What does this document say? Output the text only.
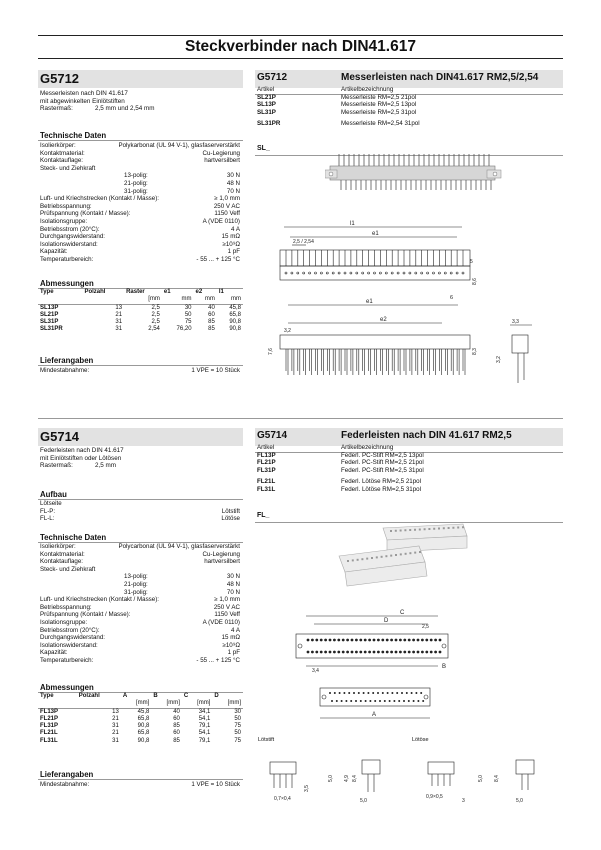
Steckverbinder nach DIN41.617
G5712
Messerleisten nach DIN 41.617
mit abgewinkelten Einlötstiften
Rastermaß:	2,5 mm und 2,54 mm
Technische Daten
Isolierkörper:	Polykarbonat (UL 94 V-1), glasfaserverstärkt
Kontaktmaterial:	Cu-Legierung
Kontaktauflage:	hartversilbert
Steck- und Ziehkraft
13-polig:	30 N
21-polig:	48 N
31-polig:	70 N
Luft- und Kriechstrecken (Kontakt / Masse):	≥ 1,0 mm
Betriebsspannung:	250 V AC
Prüfspannung (Kontakt / Masse):	1150 Veff
Isolationsgruppe:	A (VDE 0110)
Betriebsstrom (20°C):	4 A
Durchgangswiderstand:	15 mΩ
Isolationswiderstand:	≥10⁹Ω
Kapazität:	1 pF
Temperaturbereich:	- 55 ... + 125 °C
Abmessungen
Type	Polzahl	Raster	e1	e2	l1
		[mm	mm	mm	mm
SL13P	13	2,5	30	40	45,8
SL21P	21	2,5	50	60	65,8
SL31P	31	2,5	75	85	90,8
SL31PR	31	2,54	76,20	85	90,8
Lieferangaben
Mindestabnahme:	1 VPE = 10 Stück
G5712	Messerleisten nach DIN41.617 RM2,5/2,54
Artikel	Artikelbezeichnung
SL21P	Messerleiste RM=2,5 21pol
SL13P	Messerleiste RM=2,5 13pol
SL31P	Messerleiste RM=2,5 31pol
SL31PR	Messerleiste RM=2,54 31pol
SL_
l1
e1
2,5 / 2,54
5
6
8,6
e1
e2
3,2
8,3
7,6
3,3
3,2
G5714
Federleisten nach DIN 41.617
mit Einlötstiften oder Lötösen
Rastermaß:	2,5 mm
Aufbau
Lötseite
FL-P:	Lötstift
FL-L:	Lötöse
Technische Daten
Isolierkörper:	Polycarbonat (UL 94 V-1), glasfaserverstärkt
Kontaktmaterial:	Cu-Legierung
Kontaktauflage:	hartversilbert
Steck- und Ziehkraft
13-polig:	30 N
21-polig:	48 N
31-polig:	70 N
Luft- und Kriechstrecken (Kontakt / Masse):	≥ 1,0 mm
Betriebsspannung:	250 V AC
Prüfspannung (Kontakt / Masse):	1150 Veff
Isolationsgruppe:	A (VDE 0110)
Betriebsstrom (20°C):	4 A
Durchgangswiderstand:	15 mΩ
Isolationswiderstand:	≥10⁹Ω
Kapazität:	1 pF
Temperaturbereich:	- 55 ... + 125 °C
Abmessungen
Type	Polzahl	A	B	C	D
		[mm]	[mm]	[mm]	[mm]
FL13P	13	45,8	40	34,1	30
FL21P	21	65,8	60	54,1	50
FL31P	31	90,8	85	79,1	75
FL21L	21	65,8	60	54,1	50
FL31L	31	90,8	85	79,1	75
Lieferangaben
Mindestabnahme:	1 VPE = 10 Stück
G5714	Federleisten nach DIN 41.617 RM2,5
Artikel	Artikelbezeichnung
FL13P	Federl. PC-Stift RM=2,5 13pol
FL21P	Federl. PC-Stift RM=2,5 21pol
FL31P	Federl. PC-Stift RM=2,5 31pol
FL21L	Federl. Lötöse RM=2,5 21pol
FL31L	Federl. Lötöse RM=2,5 31pol
FL_
C
D
2,5
B
3,4
A
Lötstift	Lötöse
0,7×0,4
3,5
5,0 4,9 8,4
5,0
0,9×0,5
3
5,0 8,4
5,0
